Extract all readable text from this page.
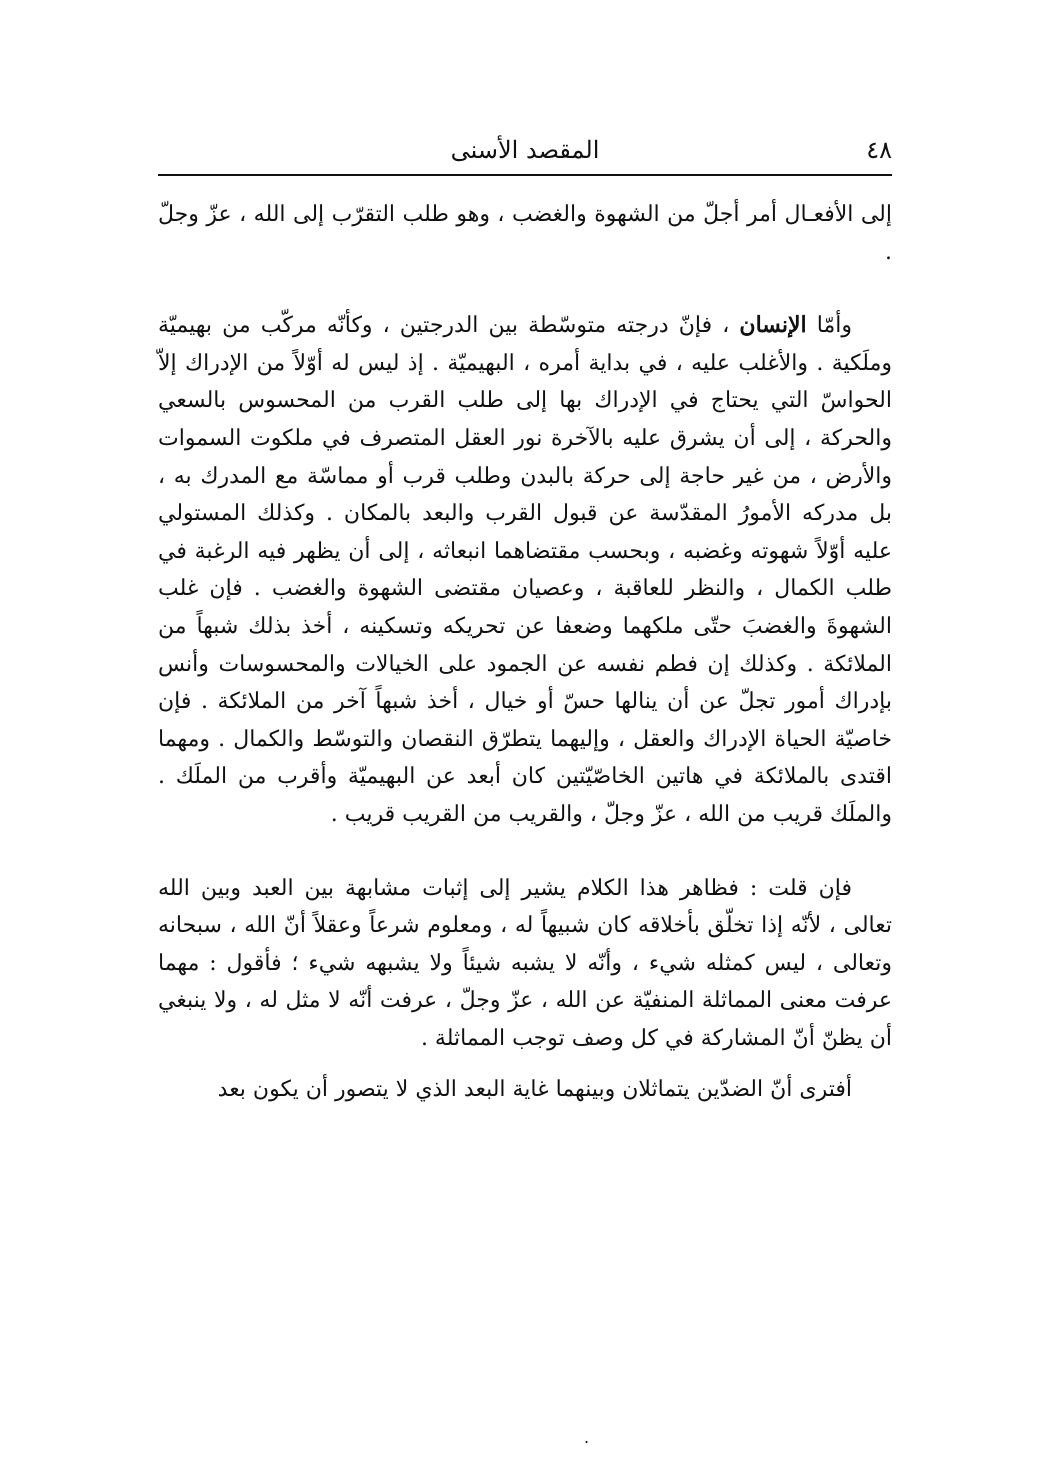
٤٨
المقصد الأسنى

إلى الأفعـال أمر أجلّ من الشهوة والغضب ، وهو طلب التقرّب إلى الله ، عزّ وجلّ .

وأمّا الإنسان ، فإنّ درجته متوسّطة بين الدرجتين ، وكأنّه مركّب من بهيميّة وملَكية . والأغلب عليه ، في بداية أمره ، البهيميّة . إذ ليس له أوّلاً من الإدراك إلاّ الحواسّ التي يحتاج في الإدراك بها إلى طلب القرب من المحسوس بالسعي والحركة ، إلى أن يشرق عليه بالآخرة نور العقل المتصرف في ملكوت السموات والأرض ، من غير حاجة إلى حركة بالبدن وطلب قرب أو مماسّة مع المدرك به ، بل مدركه الأمورُ المقدّسة عن قبول القرب والبعد بالمكان . وكذلك المستولي عليه أوّلاً شهوته وغضبه ، وبحسب مقتضاهما انبعاثه ، إلى أن يظهر فيه الرغبة في طلب الكمال ، والنظر للعاقبة ، وعصيان مقتضى الشهوة والغضب . فإن غلب الشهوةَ والغضبَ حتّى ملكهما وضعفا عن تحريكه وتسكينه ، أخذ بذلك شبهاً من الملائكة . وكذلك إن فطم نفسه عن الجمود على الخيالات والمحسوسات وأنس بإدراك أمور تجلّ عن أن ينالها حسّ أو خيال ، أخذ شبهاً آخر من الملائكة . فإن خاصيّة الحياة الإدراك والعقل ، وإليهما يتطرّق النقصان والتوسّط والكمال . ومهما اقتدى بالملائكة في هاتين الخاصّيّتين كان أبعد عن البهيميّة وأقرب من الملَك . والملَك قريب من الله ، عزّ وجلّ ، والقريب من القريب قريب .

فإن قلت : فظاهر هذا الكلام يشير إلى إثبات مشابهة بين العبد وبين الله تعالى ، لأنّه إذا تخلّق بأخلاقه كان شبيهاً له ، ومعلوم شرعاً وعقلاً أنّ الله ، سبحانه وتعالى ، ليس كمثله شيء ، وأنّه لا يشبه شيئاً ولا يشبهه شيء ؛ فأقول : مهما عرفت معنى المماثلة المنفيّة عن الله ، عزّ وجلّ ، عرفت أنّه لا مثل له ، ولا ينبغي أن يظنّ أنّ المشاركة في كل وصف توجب المماثلة .

أفترى أنّ الضدّين يتماثلان وبينهما غاية البعد الذي لا يتصور أن يكون بعد

.
